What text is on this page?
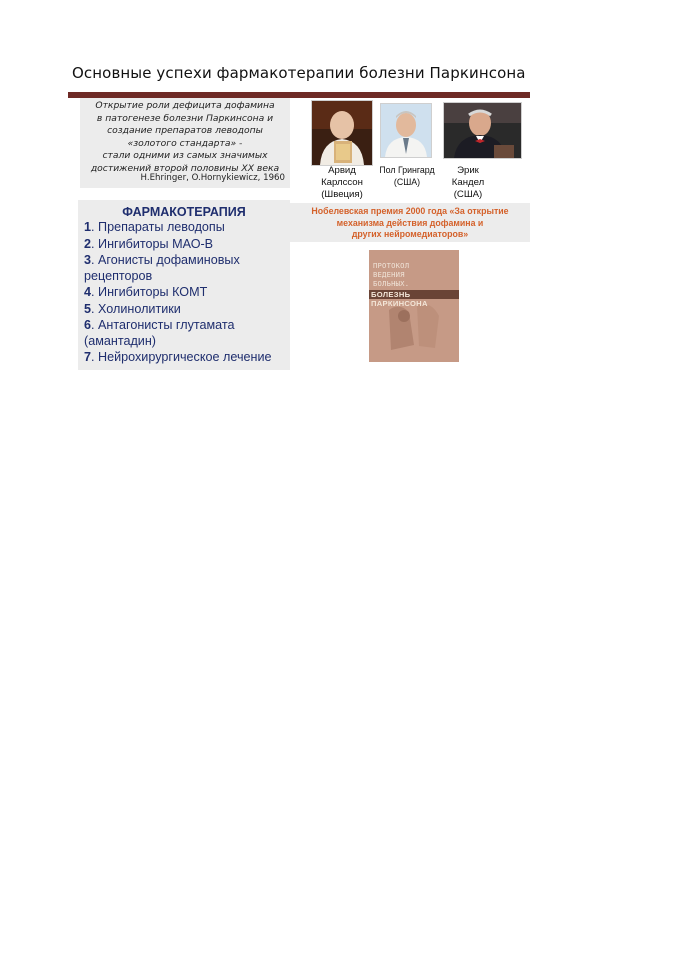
Основные успехи фармакотерапии болезни Паркинсона
Открытие роли дефицита дофамина
в патогенезе болезни Паркинсона и
создание препаратов леводопы
«золотого стандарта» -
стали одними из самых значимых
достижений второй половины XX века
H.Ehringer, O.Hornykiewicz, 1960
ФАРМАКОТЕРАПИЯ
1. Препараты леводопы
2. Ингибиторы МАО-В
3. Агонисты дофаминовых рецепторов
4. Ингибиторы КОМТ
5. Холинолитики
6. Антагонисты глутамата (амантадин)
7. Нейрохирургическое лечение
Арвид
Карлссон
(Швеция)
Пол Грингард
(США)
Эрик Кандел
(США)
Нобелевская премия 2000 года «За открытие
механизма действия дофамина и
других нейромедиаторов»
ПРОТОКОЛ
ВЕДЕНИЯ
БОЛЬНЫХ.
БОЛЕЗНЬ ПАРКИНСОНА
